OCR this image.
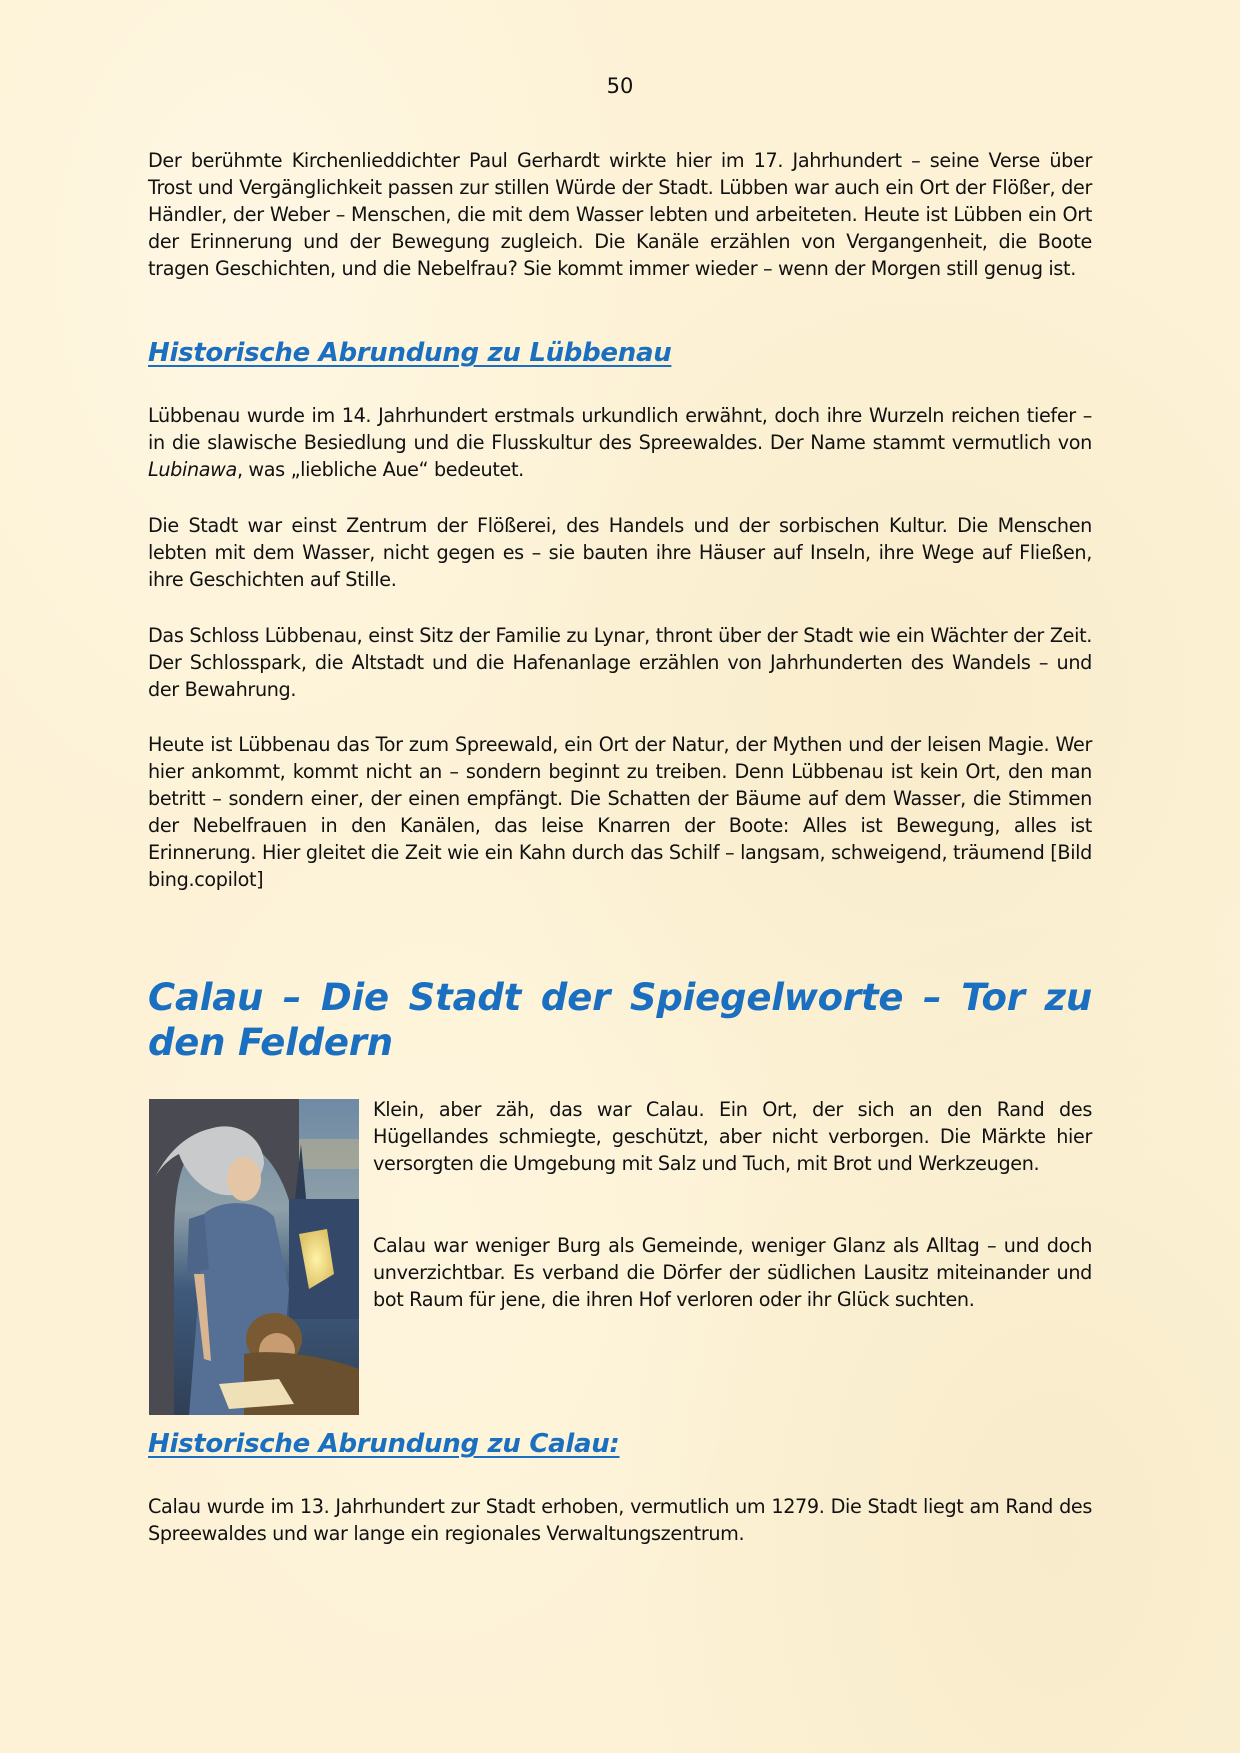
50

Der berühmte Kirchenlieddichter Paul Gerhardt wirkte hier im 17. Jahrhundert – seine Verse über Trost und Vergänglichkeit passen zur stillen Würde der Stadt. Lübben war auch ein Ort der Flößer, der Händler, der Weber – Menschen, die mit dem Wasser lebten und arbeiteten. Heute ist Lübben ein Ort der Erinnerung und der Bewegung zugleich. Die Kanäle erzählen von Vergangenheit, die Boote tragen Geschichten, und die Nebelfrau? Sie kommt immer wieder – wenn der Morgen still genug ist.

Historische Abrundung zu Lübbenau

Lübbenau wurde im 14. Jahrhundert erstmals urkundlich erwähnt, doch ihre Wurzeln reichen tiefer – in die slawische Besiedlung und die Flusskultur des Spreewaldes. Der Name stammt vermutlich von Lubinawa, was „liebliche Aue“ bedeutet.

Die Stadt war einst Zentrum der Flößerei, des Handels und der sorbischen Kultur. Die Menschen lebten mit dem Wasser, nicht gegen es – sie bauten ihre Häuser auf Inseln, ihre Wege auf Fließen, ihre Geschichten auf Stille.

Das Schloss Lübbenau, einst Sitz der Familie zu Lynar, thront über der Stadt wie ein Wächter der Zeit. Der Schlosspark, die Altstadt und die Hafenanlage erzählen von Jahrhunderten des Wandels – und der Bewahrung.

Heute ist Lübbenau das Tor zum Spreewald, ein Ort der Natur, der Mythen und der leisen Magie. Wer hier ankommt, kommt nicht an – sondern beginnt zu treiben. Denn Lübbenau ist kein Ort, den man betritt – sondern einer, der einen empfängt. Die Schatten der Bäume auf dem Wasser, die Stimmen der Nebelfrauen in den Kanälen, das leise Knarren der Boote: Alles ist Bewegung, alles ist Erinnerung. Hier gleitet die Zeit wie ein Kahn durch das Schilf – langsam, schweigend, träumend [Bild bing.copilot]

Calau – Die Stadt der Spiegelworte – Tor zu den Feldern

Klein, aber zäh, das war Calau. Ein Ort, der sich an den Rand des Hügellandes schmiegte, geschützt, aber nicht verborgen. Die Märkte hier versorgten die Umgebung mit Salz und Tuch, mit Brot und Werkzeugen.

Calau war weniger Burg als Gemeinde, weniger Glanz als Alltag – und doch unverzichtbar. Es verband die Dörfer der südlichen Lausitz miteinander und bot Raum für jene, die ihren Hof verloren oder ihr Glück suchten.

Historische Abrundung zu Calau:

Calau wurde im 13. Jahrhundert zur Stadt erhoben, vermutlich um 1279. Die Stadt liegt am Rand des Spreewaldes und war lange ein regionales Verwaltungszentrum.
